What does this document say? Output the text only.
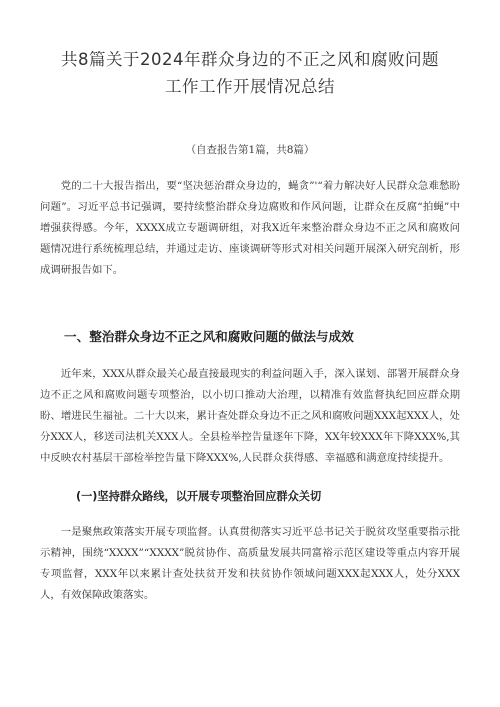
共8篇关于2024年群众身边的不正之风和腐败问题
工作工作开展情况总结
（自查报告第1篇，共8篇）

党的二十大报告指出，要“坚决惩治群众身边的，蝇贪”'“着力解决好人民群众急难愁盼问题”。习近平总书记强调，要持续整治群众身边腐败和作风问题，让群众在反腐“拍蝇”中增强获得感。今年，XXXX成立专题调研组，对我X近年来整治群众身边不正之风和腐败问题情况进行系统梳理总结，并通过走访、座谈调研等形式对相关问题开展深入研究剖析，形成调研报告如下。

一、整治群众身边不正之风和腐败问题的做法与成效

近年来，XXX从群众最关心最直接最现实的利益问题入手，深入谋划、部署开展群众身边不正之风和腐败问题专项整治，以小切口推动大治理，以精准有效监督执纪回应群众期盼、增进民生福祉。二十大以来，累计查处群众身边不正之风和腐败问题XXX起XXX人，处分XXX人，移送司法机关XXX人。全县检举控告量逐年下降，XX年较XXX年下降XXX%,其中反映农村基层干部检举控告量下降XXX%,人民群众获得感、幸福感和满意度持续提升。

(一)坚持群众路线，以开展专项整治回应群众关切

一是聚焦政策落实开展专项监督。认真贯彻落实习近平总书记关于脱贫攻坚重要指示批示精神，围绕“XXXX”“XXXX”脱贫协作、高质量发展共同富裕示范区建设等重点内容开展专项监督，XXX年以来累计查处扶贫开发和扶贫协作领域问题XXX起XXX人，处分XXX人，有效保障政策落实。
